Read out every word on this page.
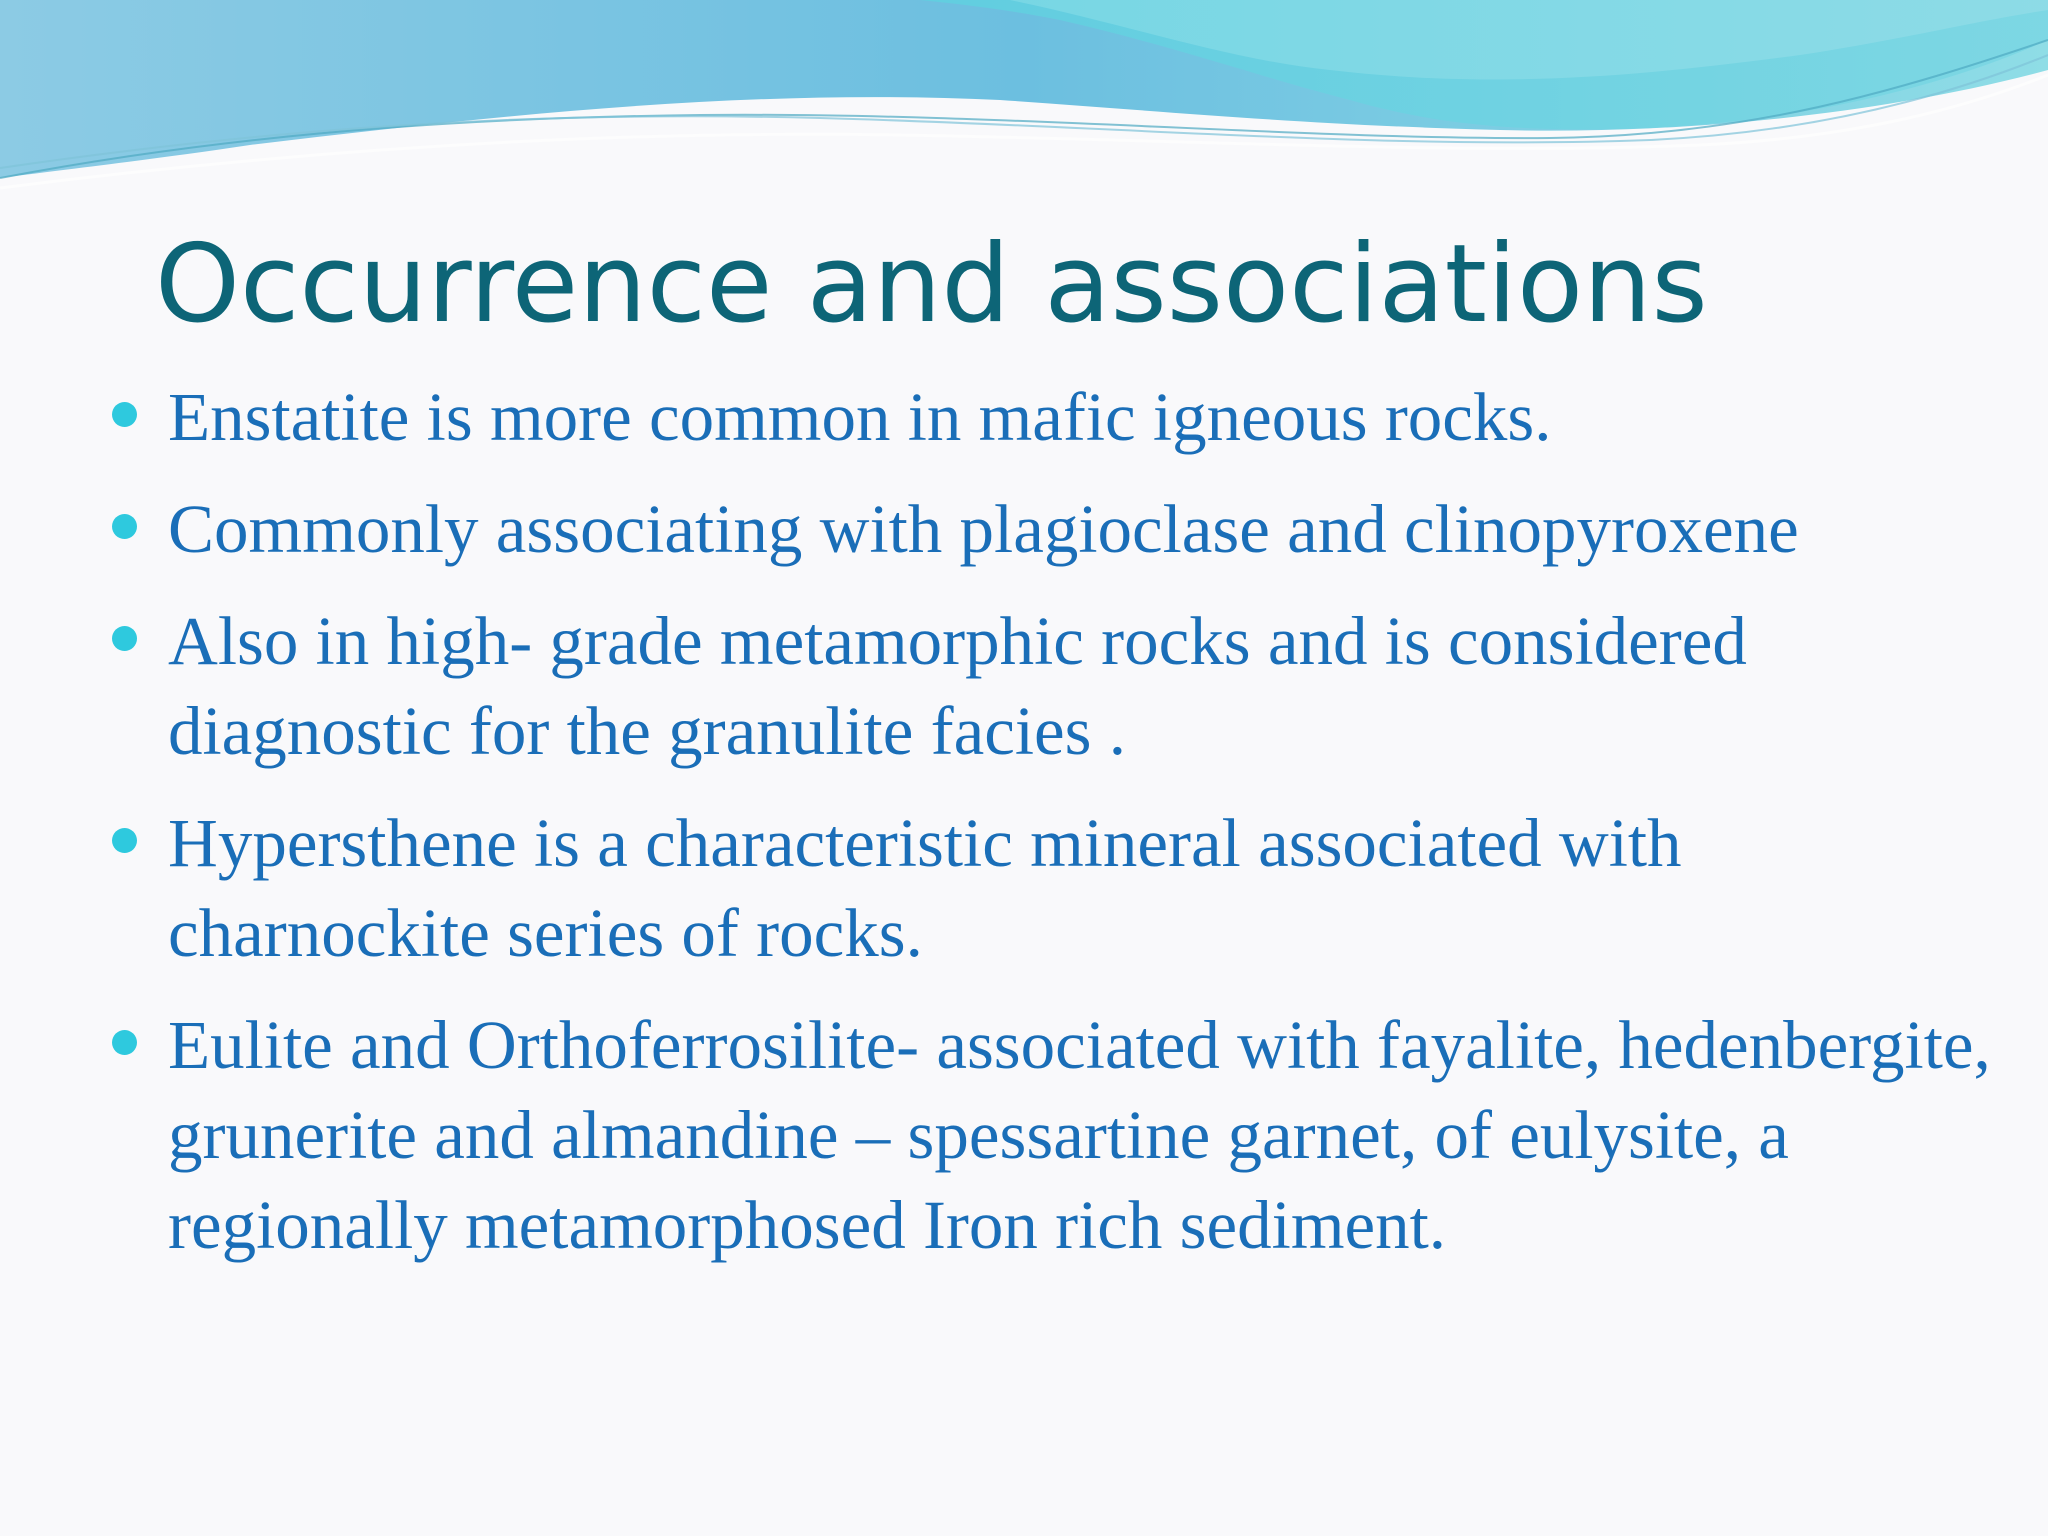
Occurrence and associations
Enstatite is more common in mafic igneous rocks.
Commonly associating with plagioclase and clinopyroxene
Also in high- grade metamorphic rocks and is considered diagnostic for the granulite facies .
Hypersthene is a characteristic mineral associated with charnockite series of rocks.
Eulite and Orthoferrosilite- associated with fayalite, hedenbergite, grunerite and almandine – spessartine garnet, of eulysite, a regionally metamorphosed Iron rich sediment.
